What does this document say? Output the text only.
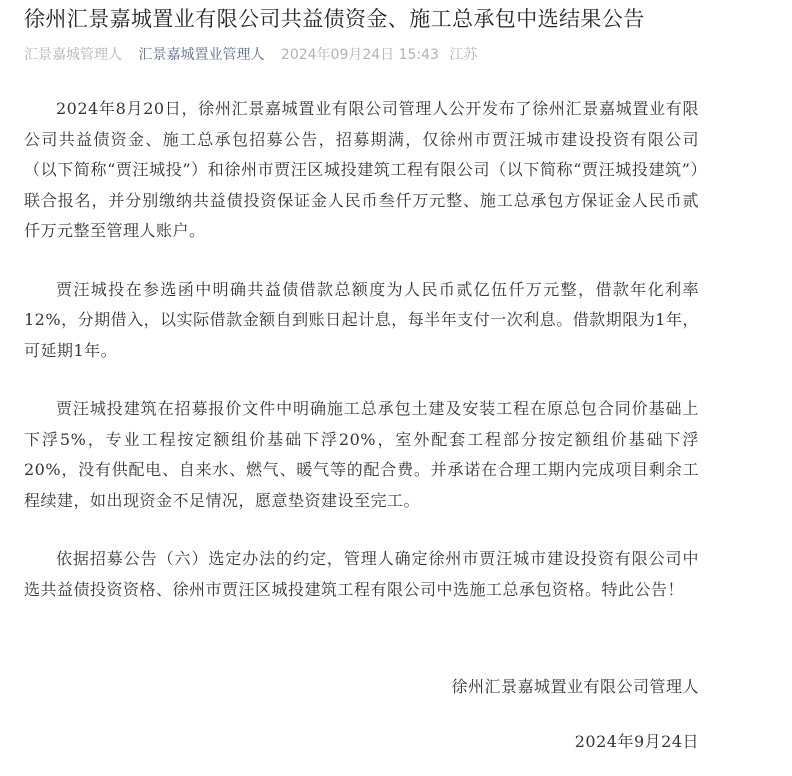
徐州汇景嘉城置业有限公司共益债资金、施工总承包中选结果公告
汇景嘉城管理人 汇景嘉城置业管理人 2024年09月24日 15:43 江苏

2024年8月20日，徐州汇景嘉城置业有限公司管理人公开发布了徐州汇景嘉城置业有限公司共益债资金、施工总承包招募公告，招募期满，仅徐州市贾汪城市建设投资有限公司（以下简称“贾汪城投”）和徐州市贾汪区城投建筑工程有限公司（以下简称“贾汪城投建筑”）联合报名，并分别缴纳共益债投资保证金人民币叁仟万元整、施工总承包方保证金人民币贰仟万元整至管理人账户。

贾汪城投在参选函中明确共益债借款总额度为人民币贰亿伍仟万元整，借款年化利率12%，分期借入，以实际借款金额自到账日起计息，每半年支付一次利息。借款期限为1年，可延期1年。

贾汪城投建筑在招募报价文件中明确施工总承包土建及安装工程在原总包合同价基础上下浮5%，专业工程按定额组价基础下浮20%，室外配套工程部分按定额组价基础下浮20%，没有供配电、自来水、燃气、暖气等的配合费。并承诺在合理工期内完成项目剩余工程续建，如出现资金不足情况，愿意垫资建设至完工。

依据招募公告（六）选定办法的约定，管理人确定徐州市贾汪城市建设投资有限公司中选共益债投资资格、徐州市贾汪区城投建筑工程有限公司中选施工总承包资格。特此公告！

徐州汇景嘉城置业有限公司管理人
2024年9月24日
